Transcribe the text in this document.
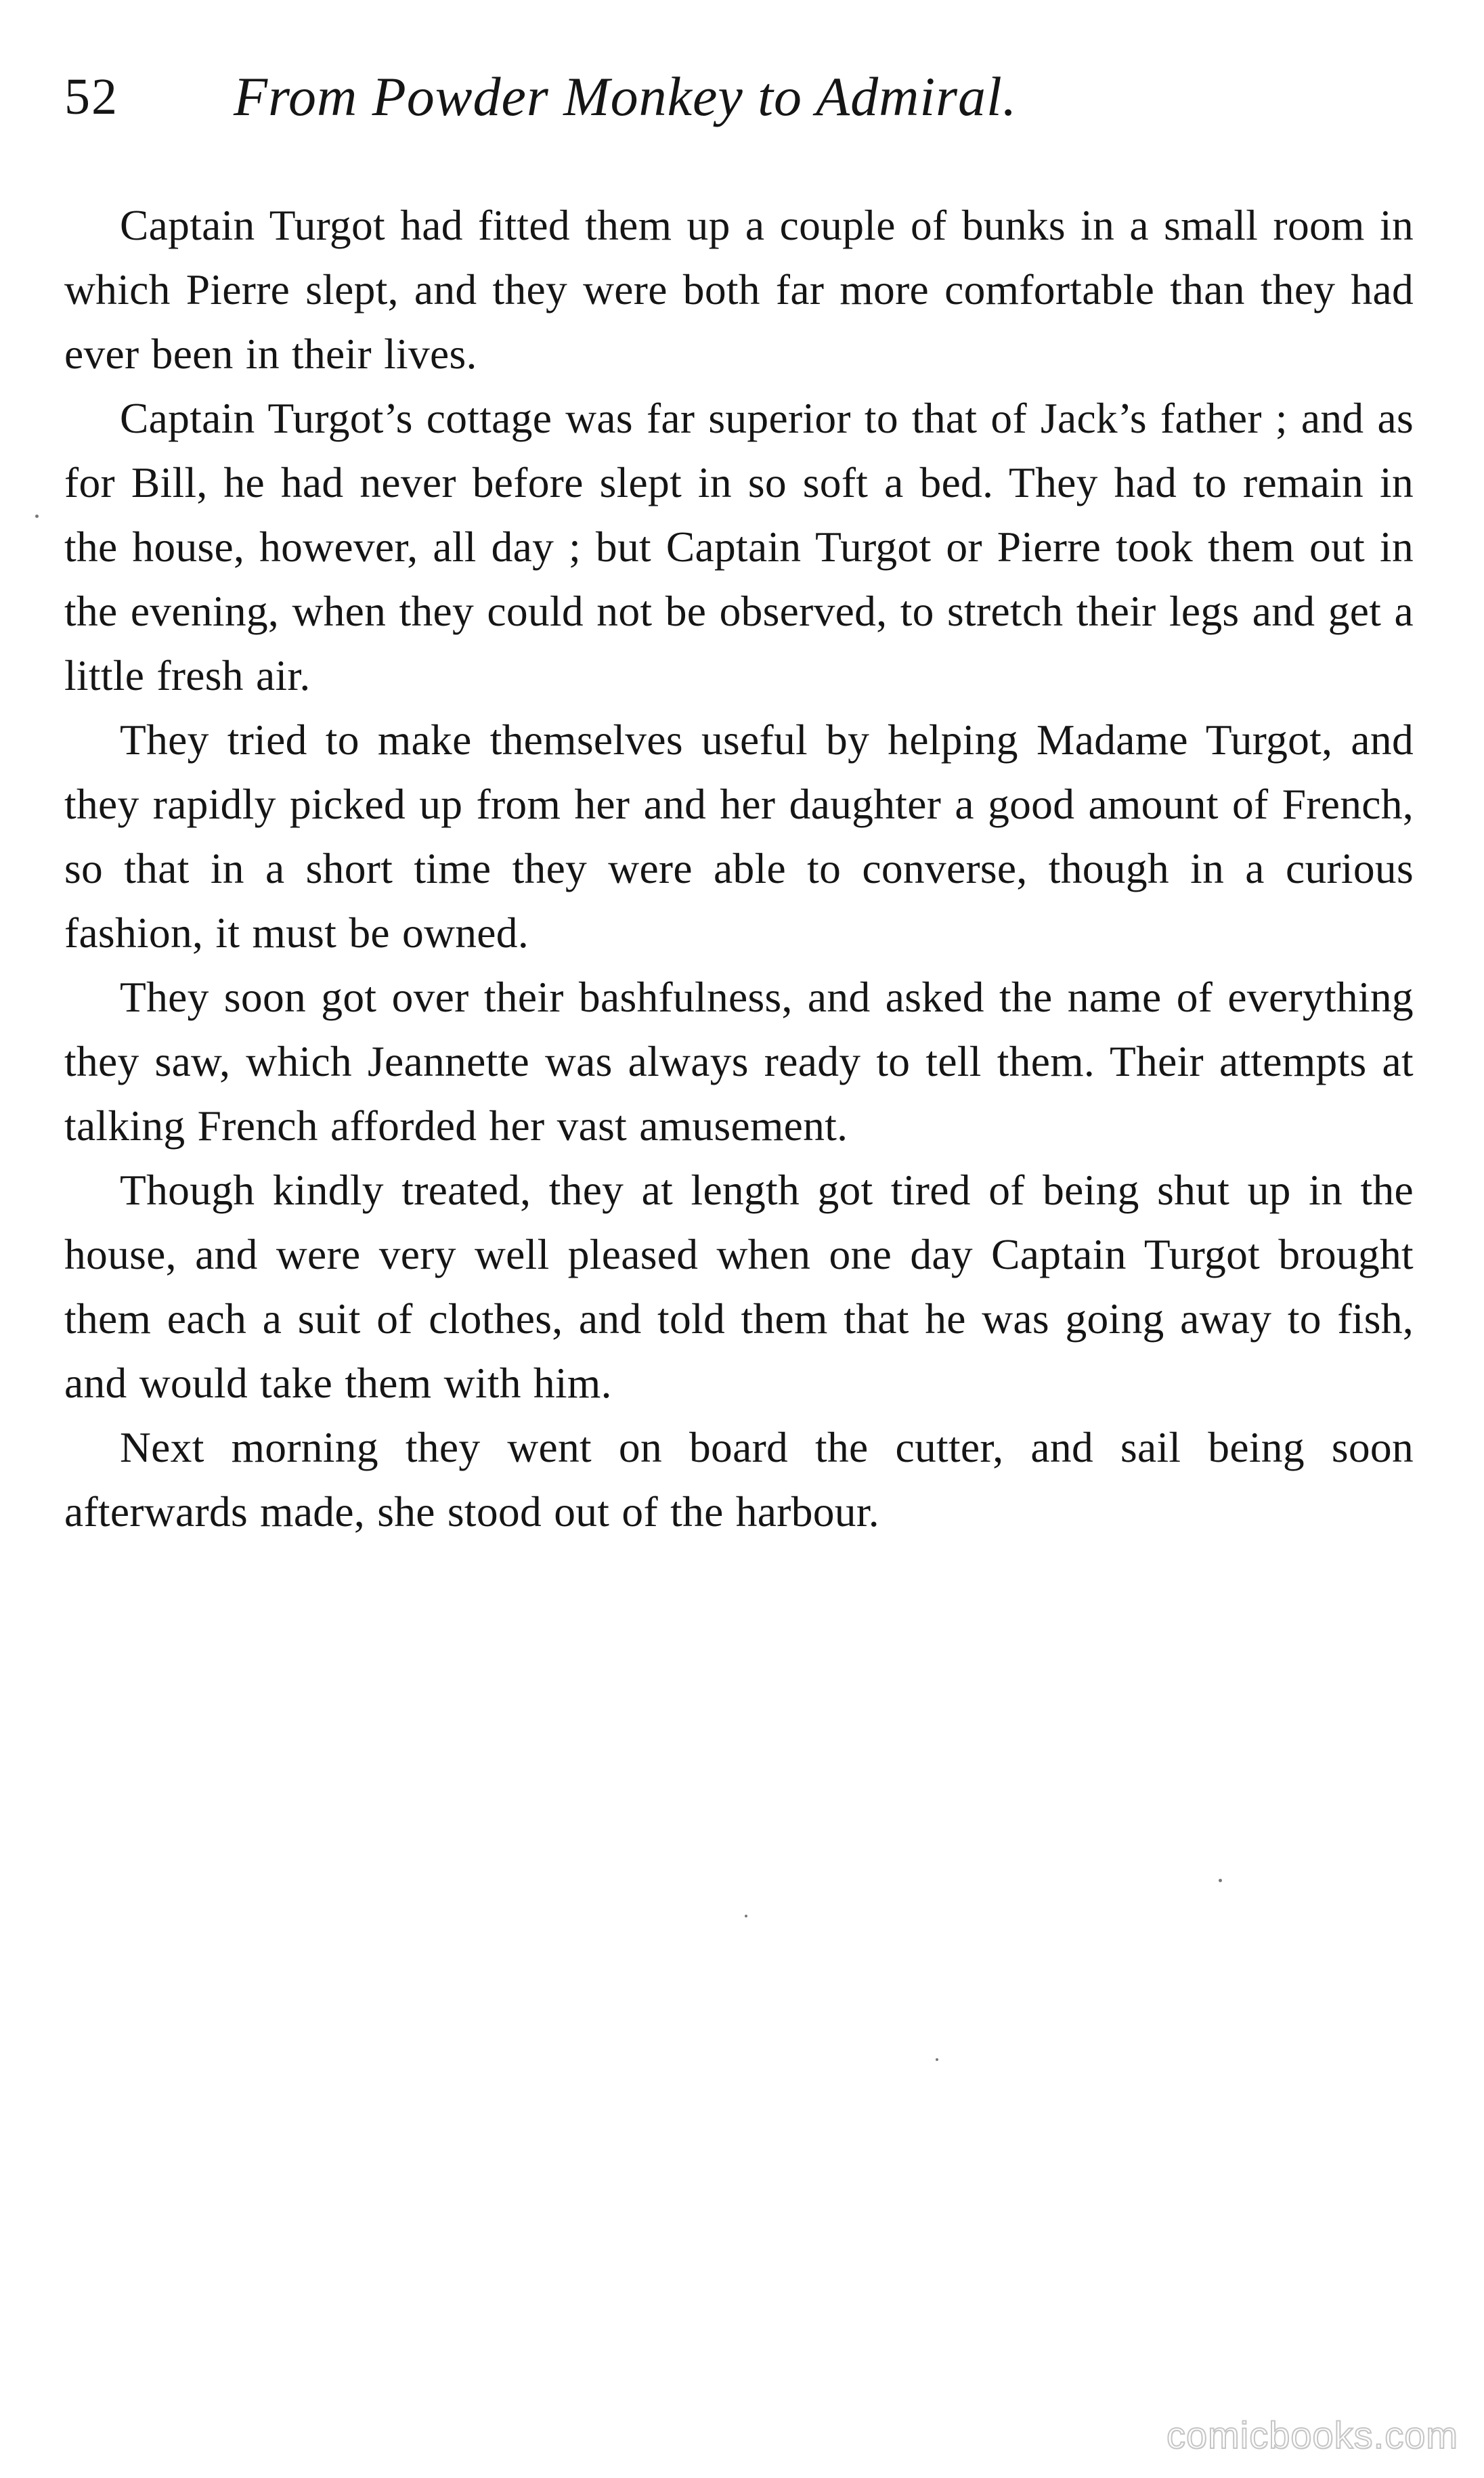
52 From Powder Monkey to Admiral.

Captain Turgot had fitted them up a couple of bunks in a small room in which Pierre slept, and they were both far more comfortable than they had ever been in their lives.

Captain Turgot’s cottage was far superior to that of Jack’s father ; and as for Bill, he had never before slept in so soft a bed. They had to remain in the house, however, all day ; but Captain Turgot or Pierre took them out in the evening, when they could not be observed, to stretch their legs and get a little fresh air.

They tried to make themselves useful by helping Madame Turgot, and they rapidly picked up from her and her daughter a good amount of French, so that in a short time they were able to converse, though in a curious fashion, it must be owned.

They soon got over their bashfulness, and asked the name of everything they saw, which Jeannette was always ready to tell them. Their attempts at talking French afforded her vast amusement.

Though kindly treated, they at length got tired of being shut up in the house, and were very well pleased when one day Captain Turgot brought them each a suit of clothes, and told them that he was going away to fish, and would take them with him.

Next morning they went on board the cutter, and sail being soon afterwards made, she stood out of the harbour.

comicbooks.com
